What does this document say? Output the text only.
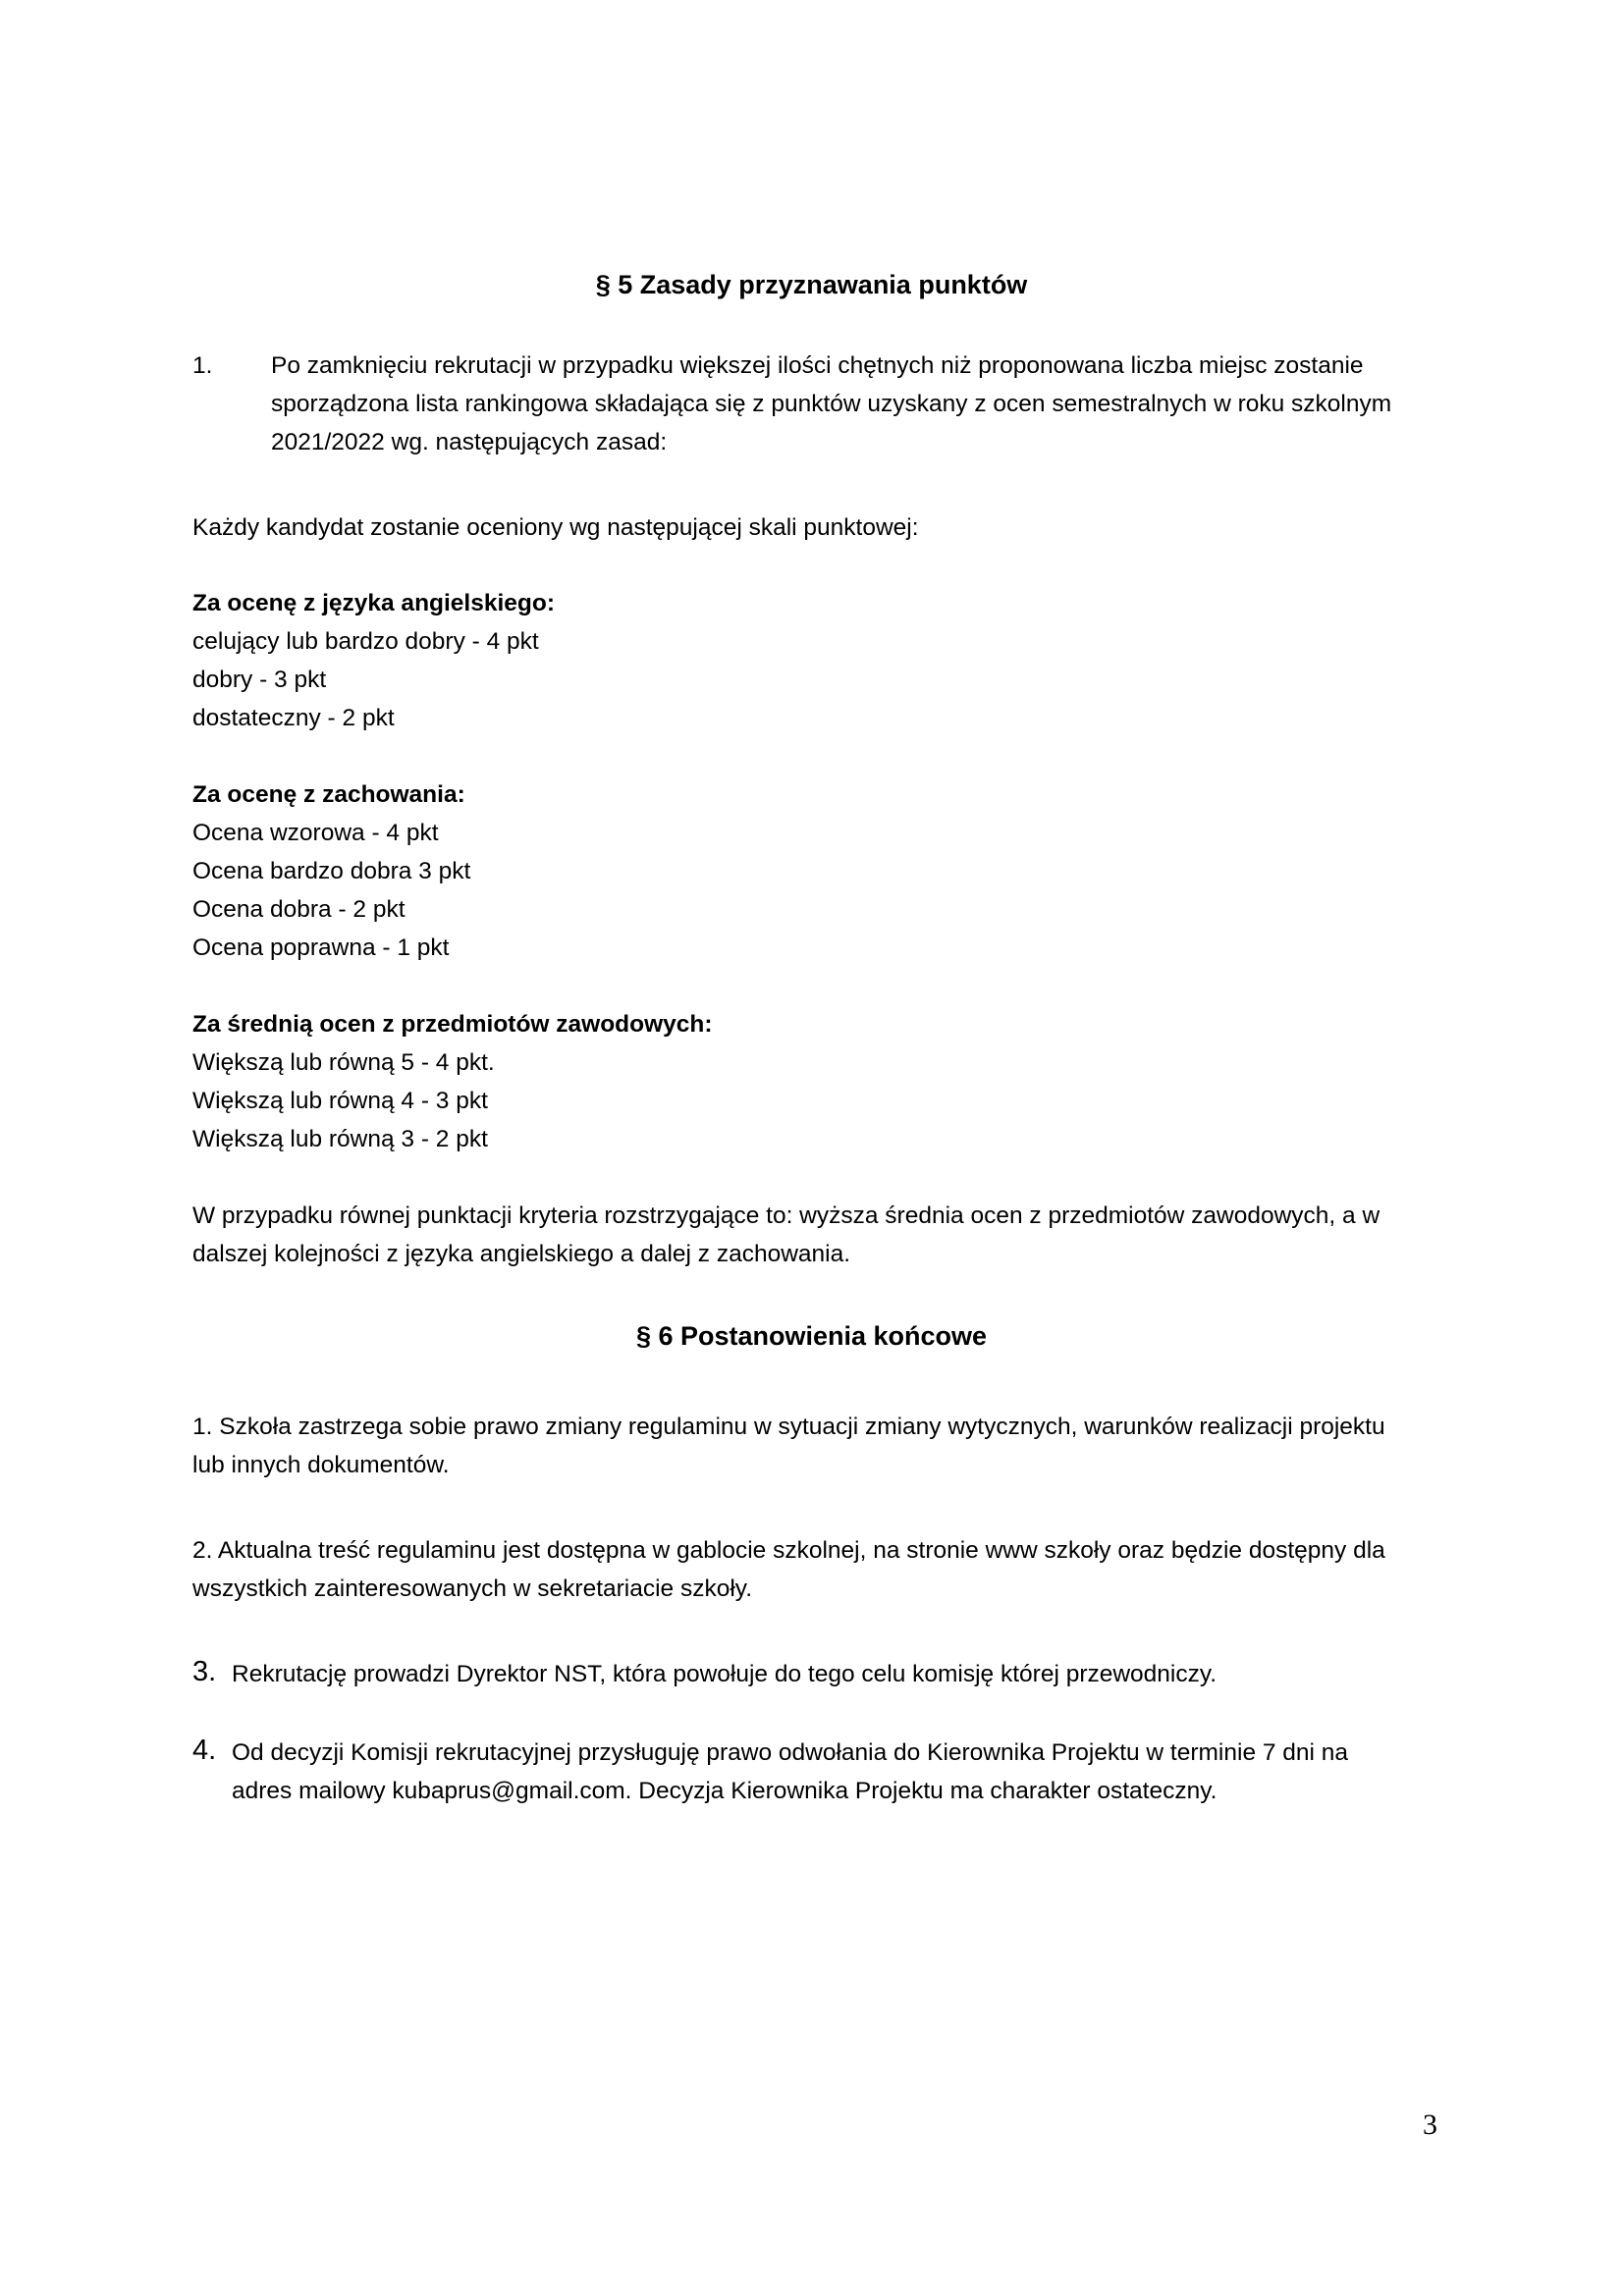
§ 5 Zasady przyznawania punktów
1. Po zamknięciu rekrutacji w przypadku większej ilości chętnych niż proponowana liczba miejsc zostanie
sporządzona lista rankingowa składająca się z punktów uzyskany z ocen semestralnych w roku szkolnym
2021/2022 wg. następujących zasad:
Każdy kandydat zostanie oceniony wg następującej skali punktowej:
Za ocenę z języka angielskiego:
celujący lub bardzo dobry - 4 pkt
dobry - 3 pkt
dostateczny - 2 pkt
Za ocenę z zachowania:
Ocena wzorowa - 4 pkt
Ocena bardzo dobra 3 pkt
Ocena dobra - 2 pkt
Ocena poprawna - 1 pkt
Za średnią ocen z przedmiotów zawodowych:
Większą lub równą 5 - 4 pkt.
Większą lub równą 4 - 3 pkt
Większą lub równą 3 - 2 pkt
W przypadku równej punktacji kryteria rozstrzygające to: wyższa średnia ocen z przedmiotów zawodowych, a w
dalszej kolejności z języka angielskiego a dalej z zachowania.
§ 6 Postanowienia końcowe
1. Szkoła zastrzega sobie prawo zmiany regulaminu w sytuacji zmiany wytycznych, warunków realizacji projektu
lub innych dokumentów.
2. Aktualna treść regulaminu jest dostępna w gablocie szkolnej, na stronie www szkoły oraz będzie dostępny dla
wszystkich zainteresowanych w sekretariacie szkoły.
3. Rekrutację prowadzi Dyrektor NST, która powołuje do tego celu komisję której przewodniczy.
4. Od decyzji Komisji rekrutacyjnej przysługuję prawo odwołania do Kierownika Projektu w terminie 7 dni na
adres mailowy kubaprus@gmail.com. Decyzja Kierownika Projektu ma charakter ostateczny.
3
